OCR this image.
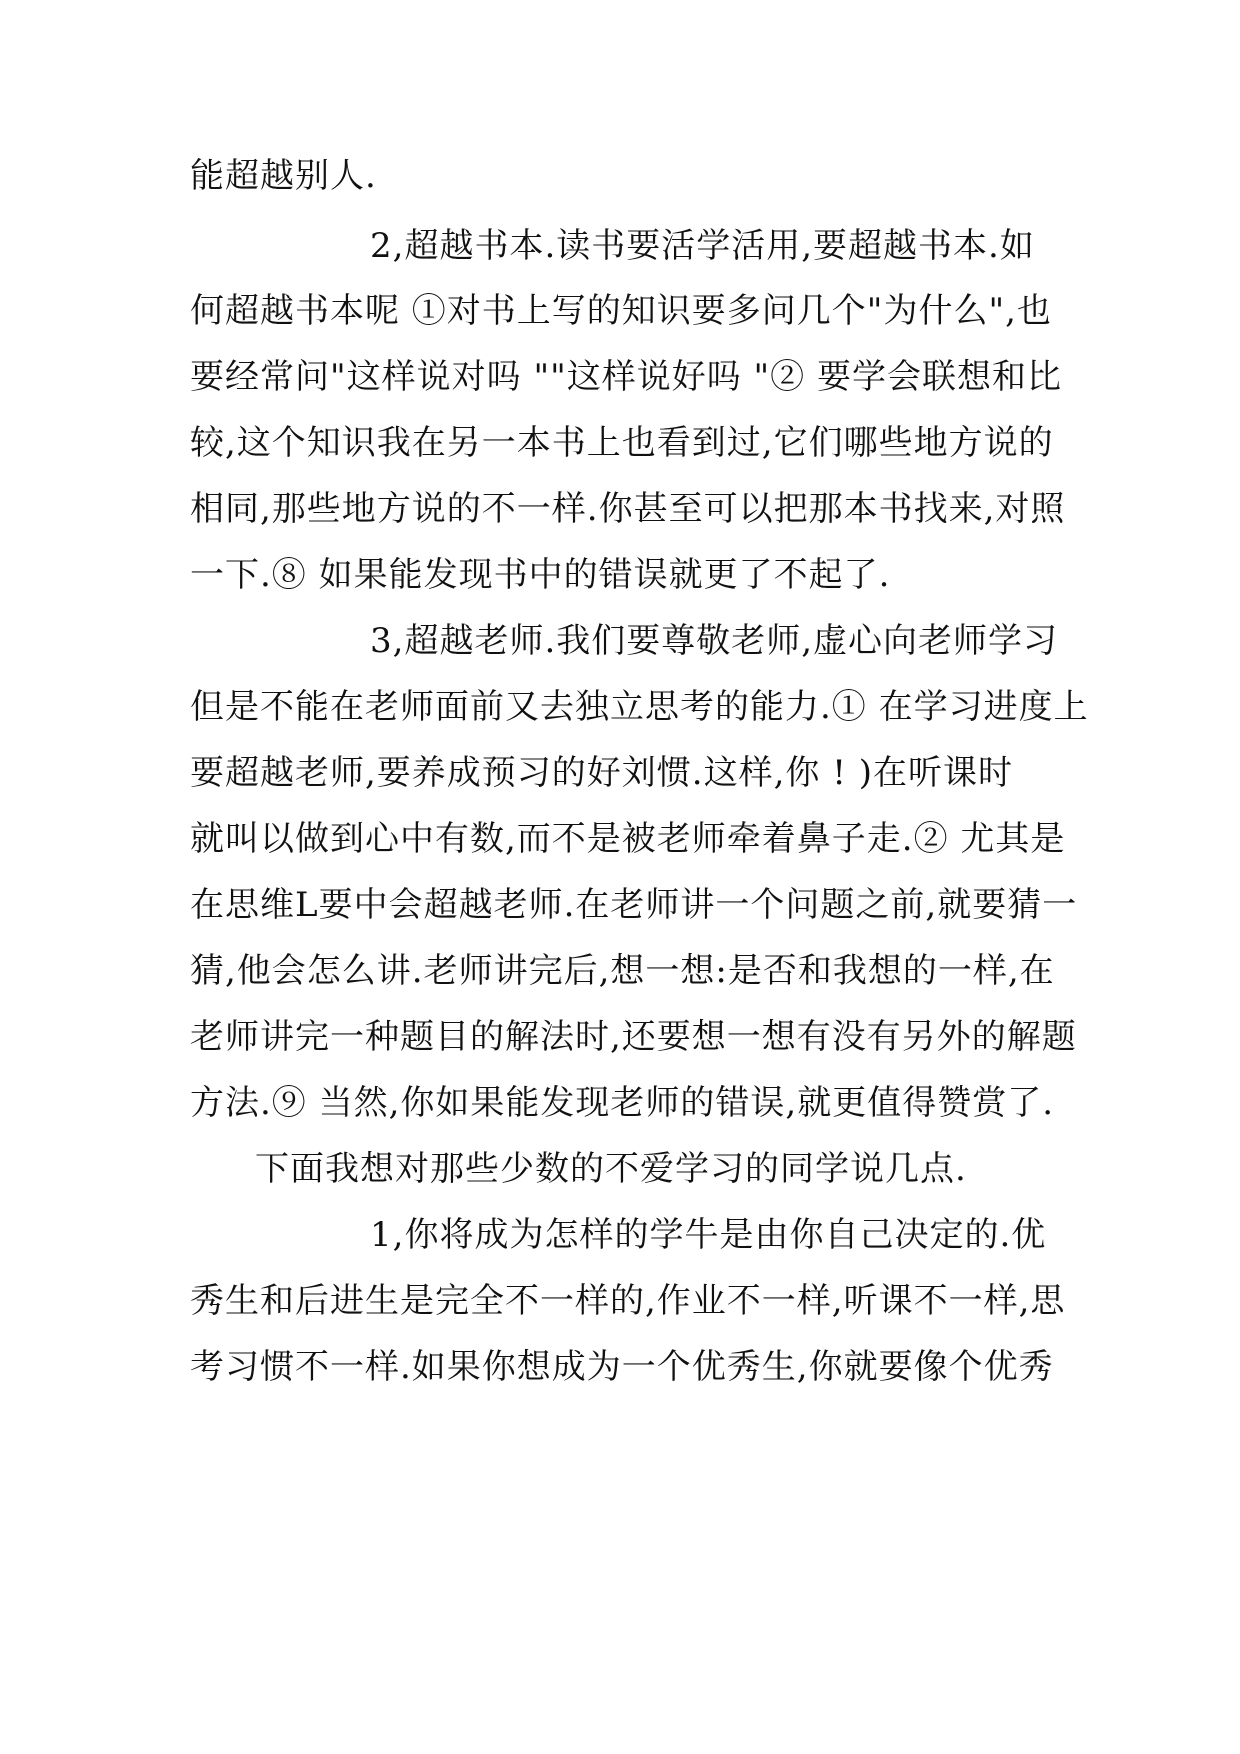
能超越别人.
2,超越书本.读书要活学活用,要超越书本.如
何超越书本呢 ①对书上写的知识要多问几个"为什么",也
要经常问"这样说对吗 ""这样说好吗 "② 要学会联想和比
较,这个知识我在另一本书上也看到过,它们哪些地方说的
相同,那些地方说的不一样.你甚至可以把那本书找来,对照
一下.⑧ 如果能发现书中的错误就更了不起了.
3,超越老师.我们要尊敬老师,虚心向老师学习
但是不能在老师面前又去独立思考的能力.① 在学习进度上
要超越老师,要养成预习的好刘惯.这样,你 ! )在听课时
就叫以做到心中有数,而不是被老师牵着鼻子走.② 尤其是
在思维L要中会超越老师.在老师讲一个问题之前,就要猜一
猜,他会怎么讲.老师讲完后,想一想:是否和我想的一样,在
老师讲完一种题目的解法时,还要想一想有没有另外的解题
方法.⑨ 当然,你如果能发现老师的错误,就更值得赞赏了.
下面我想对那些少数的不爱学习的同学说几点.
1,你将成为怎样的学牛是由你自己决定的.优
秀生和后进生是完全不一样的,作业不一样,听课不一样,思
考习惯不一样.如果你想成为一个优秀生,你就要像个优秀
